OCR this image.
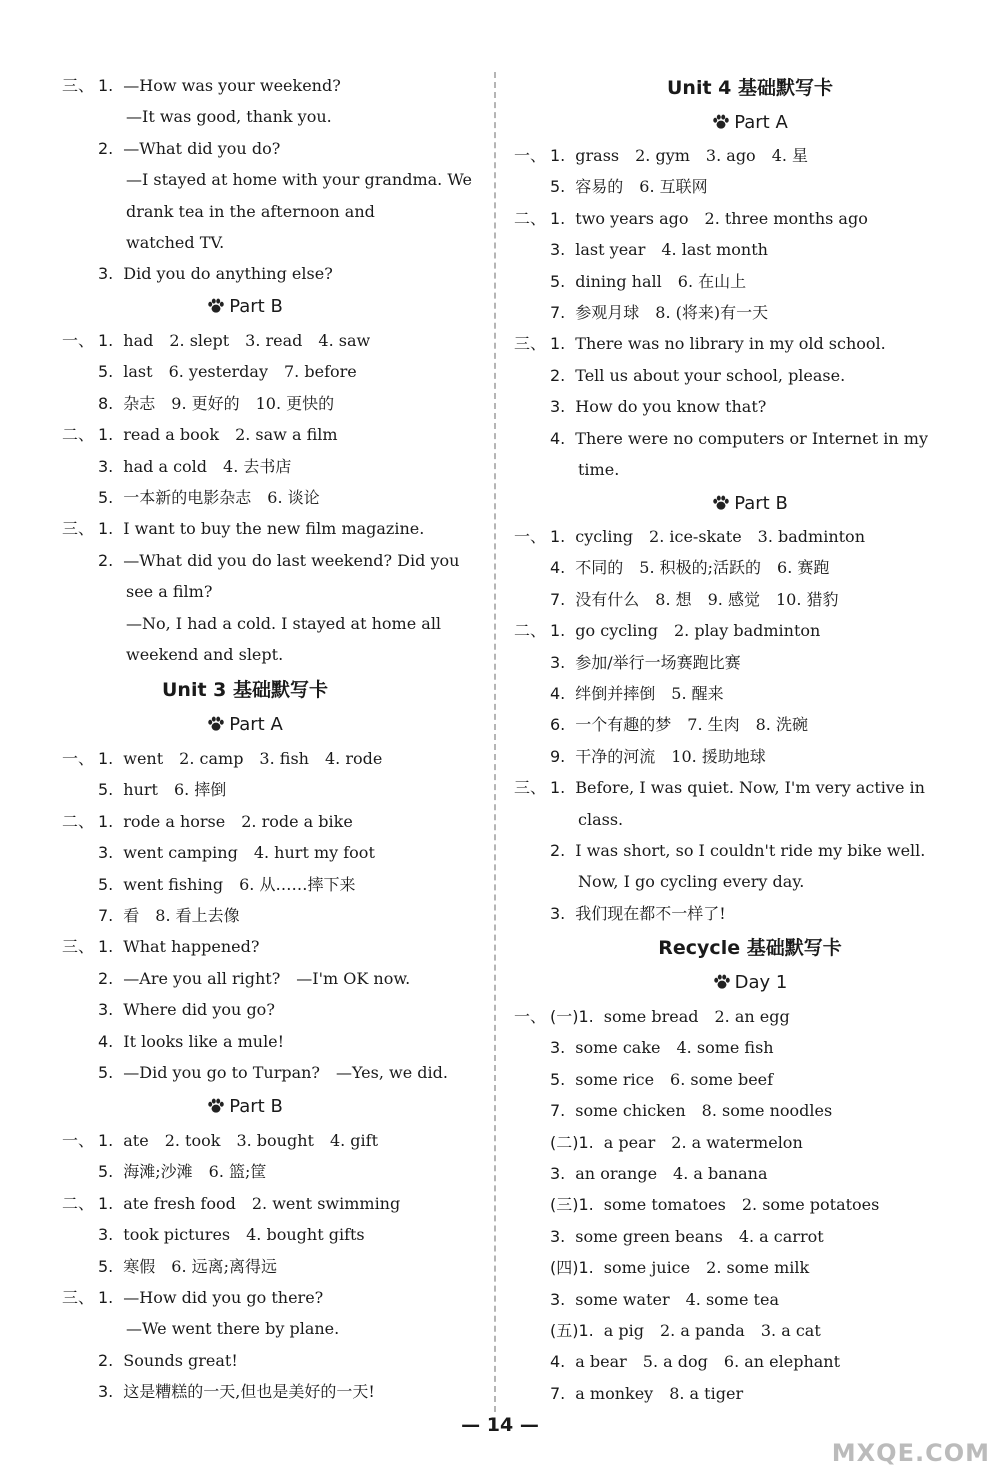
三、 1. —How was your weekend?
—It was good, thank you.
2. —What did you do?
—I stayed at home with your grandma. We
drank tea in the afternoon and
watched TV.
3. Did you do anything else?
Part B
一、 1. had　2. slept　3. read　4. saw
5. last　6. yesterday　7. before
8. 杂志　9. 更好的　10. 更快的
二、 1. read a book　2. saw a film
3. had a cold　4. 去书店
5. 一本新的电影杂志　6. 谈论
三、 1. I want to buy the new film magazine.
2. —What did you do last weekend? Did you
see a film?
—No, I had a cold. I stayed at home all
weekend and slept.
Unit 3 基础默写卡
Part A
一、 1. went　2. camp　3. fish　4. rode
5. hurt　6. 摔倒
二、 1. rode a horse　2. rode a bike
3. went camping　4. hurt my foot
5. went fishing　6. 从……摔下来
7. 看　8. 看上去像
三、 1. What happened?
2. —Are you all right?　—I'm OK now.
3. Where did you go?
4. It looks like a mule!
5. —Did you go to Turpan?　—Yes, we did.
Part B
一、 1. ate　2. took　3. bought　4. gift
5. 海滩;沙滩　6. 篮;筐
二、 1. ate fresh food　2. went swimming
3. took pictures　4. bought gifts
5. 寒假　6. 远离;离得远
三、 1. —How did you go there?
—We went there by plane.
2. Sounds great!
3. 这是糟糕的一天,但也是美好的一天!
Unit 4 基础默写卡
Part A
一、 1. grass　2. gym　3. ago　4. 星
5. 容易的　6. 互联网
二、 1. two years ago　2. three months ago
3. last year　4. last month
5. dining hall　6. 在山上
7. 参观月球　8. (将来)有一天
三、 1. There was no library in my old school.
2. Tell us about your school, please.
3. How do you know that?
4. There were no computers or Internet in my
time.
Part B
一、 1. cycling　2. ice-skate　3. badminton
4. 不同的　5. 积极的;活跃的　6. 赛跑
7. 没有什么　8. 想　9. 感觉　10. 猎豹
二、 1. go cycling　2. play badminton
3. 参加/举行一场赛跑比赛
4. 绊倒并摔倒　5. 醒来
6. 一个有趣的梦　7. 生肉　8. 洗碗
9. 干净的河流　10. 援助地球
三、 1. Before, I was quiet. Now, I'm very active in
class.
2. I was short, so I couldn't ride my bike well.
Now, I go cycling every day.
3. 我们现在都不一样了!
Recycle 基础默写卡
Day 1
一、 (一)1. some bread　2. an egg
3. some cake　4. some fish
5. some rice　6. some beef
7. some chicken　8. some noodles
(二)1. a pear　2. a watermelon
3. an orange　4. a banana
(三)1. some tomatoes　2. some potatoes
3. some green beans　4. a carrot
(四)1. some juice　2. some milk
3. some water　4. some tea
(五)1. a pig　2. a panda　3. a cat
4. a bear　5. a dog　6. an elephant
7. a monkey　8. a tiger
— 14 —
MXQE.COM
